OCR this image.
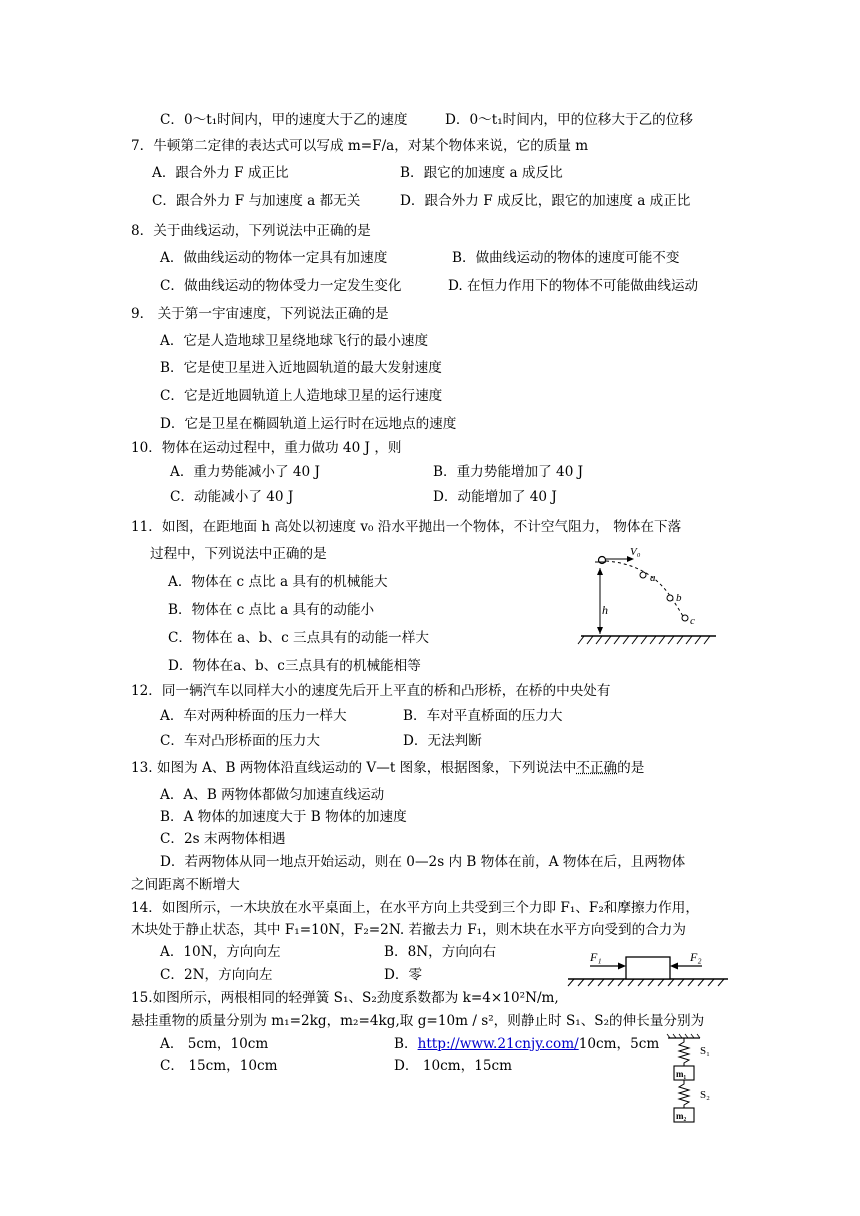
C．0～t₁时间内，甲的速度大于乙的速度	D．0～t₁时间内，甲的位移大于乙的位移
7．牛顿第二定律的表达式可以写成 m=F/a，对某个物体来说，它的质量 m
A．跟合外力 F 成正比	B．跟它的加速度 a 成反比
C．跟合外力 F 与加速度 a 都无关	D．跟合外力 F 成反比，跟它的加速度 a 成正比
8．关于曲线运动，下列说法中正确的是
A．做曲线运动的物体一定具有加速度	B．做曲线运动的物体的速度可能不变
C．做曲线运动的物体受力一定发生变化	D. 在恒力作用下的物体不可能做曲线运动
9． 关于第一宇宙速度，下列说法正确的是
A．它是人造地球卫星绕地球飞行的最小速度
B．它是使卫星进入近地圆轨道的最大发射速度
C．它是近地圆轨道上人造地球卫星的运行速度
D．它是卫星在椭圆轨道上运行时在远地点的速度
10．物体在运动过程中，重力做功 40 J ，则
A．重力势能减小了 40 J	B．重力势能增加了 40 J
C．动能减小了 40 J	D．动能增加了 40 J
11．如图，在距地面 h 高处以初速度 v₀ 沿水平抛出一个物体，不计空气阻力， 物体在下落
过程中，下列说法中正确的是
A．物体在 c 点比 a 具有的机械能大
B．物体在 c 点比 a 具有的动能小
C．物体在 a、b、c 三点具有的动能一样大
D．物体在a、b、c三点具有的机械能相等
V₀
h
a
b
c
12．同一辆汽车以同样大小的速度先后开上平直的桥和凸形桥，在桥的中央处有
A．车对两种桥面的压力一样大	B．车对平直桥面的压力大
C．车对凸形桥面的压力大	D．无法判断
13. 如图为 A、B 两物体沿直线运动的 V—t 图象，根据图象，下列说法中不正确的是
A．A、B 两物体都做匀加速直线运动
B．A 物体的加速度大于 B 物体的加速度
C．2s 末两物体相遇
D．若两物体从同一地点开始运动，则在 0—2s 内 B 物体在前，A 物体在后，且两物体
之间距离不断增大
14．如图所示，一木块放在水平桌面上，在水平方向上共受到三个力即 F₁、F₂和摩擦力作用，
木块处于静止状态，其中 F₁=10N，F₂=2N. 若撤去力 F₁，则木块在水平方向受到的合力为
A．10N，方向向左	B．8N，方向向右
C．2N，方向向左	D．零
F₁	F₂
15.如图所示，两根相同的轻弹簧 S₁、S₂劲度系数都为 k=4×10²N/m,
悬挂重物的质量分别为 m₁=2kg，m₂=4kg,取 g=10m / s²，则静止时 S₁、S₂的伸长量分别为
A． 5cm，10cm	B．http://www.21cnjy.com/10cm，5cm
C． 15cm，10cm	D． 10cm，15cm
S₁
m₁
S₂
m₂
